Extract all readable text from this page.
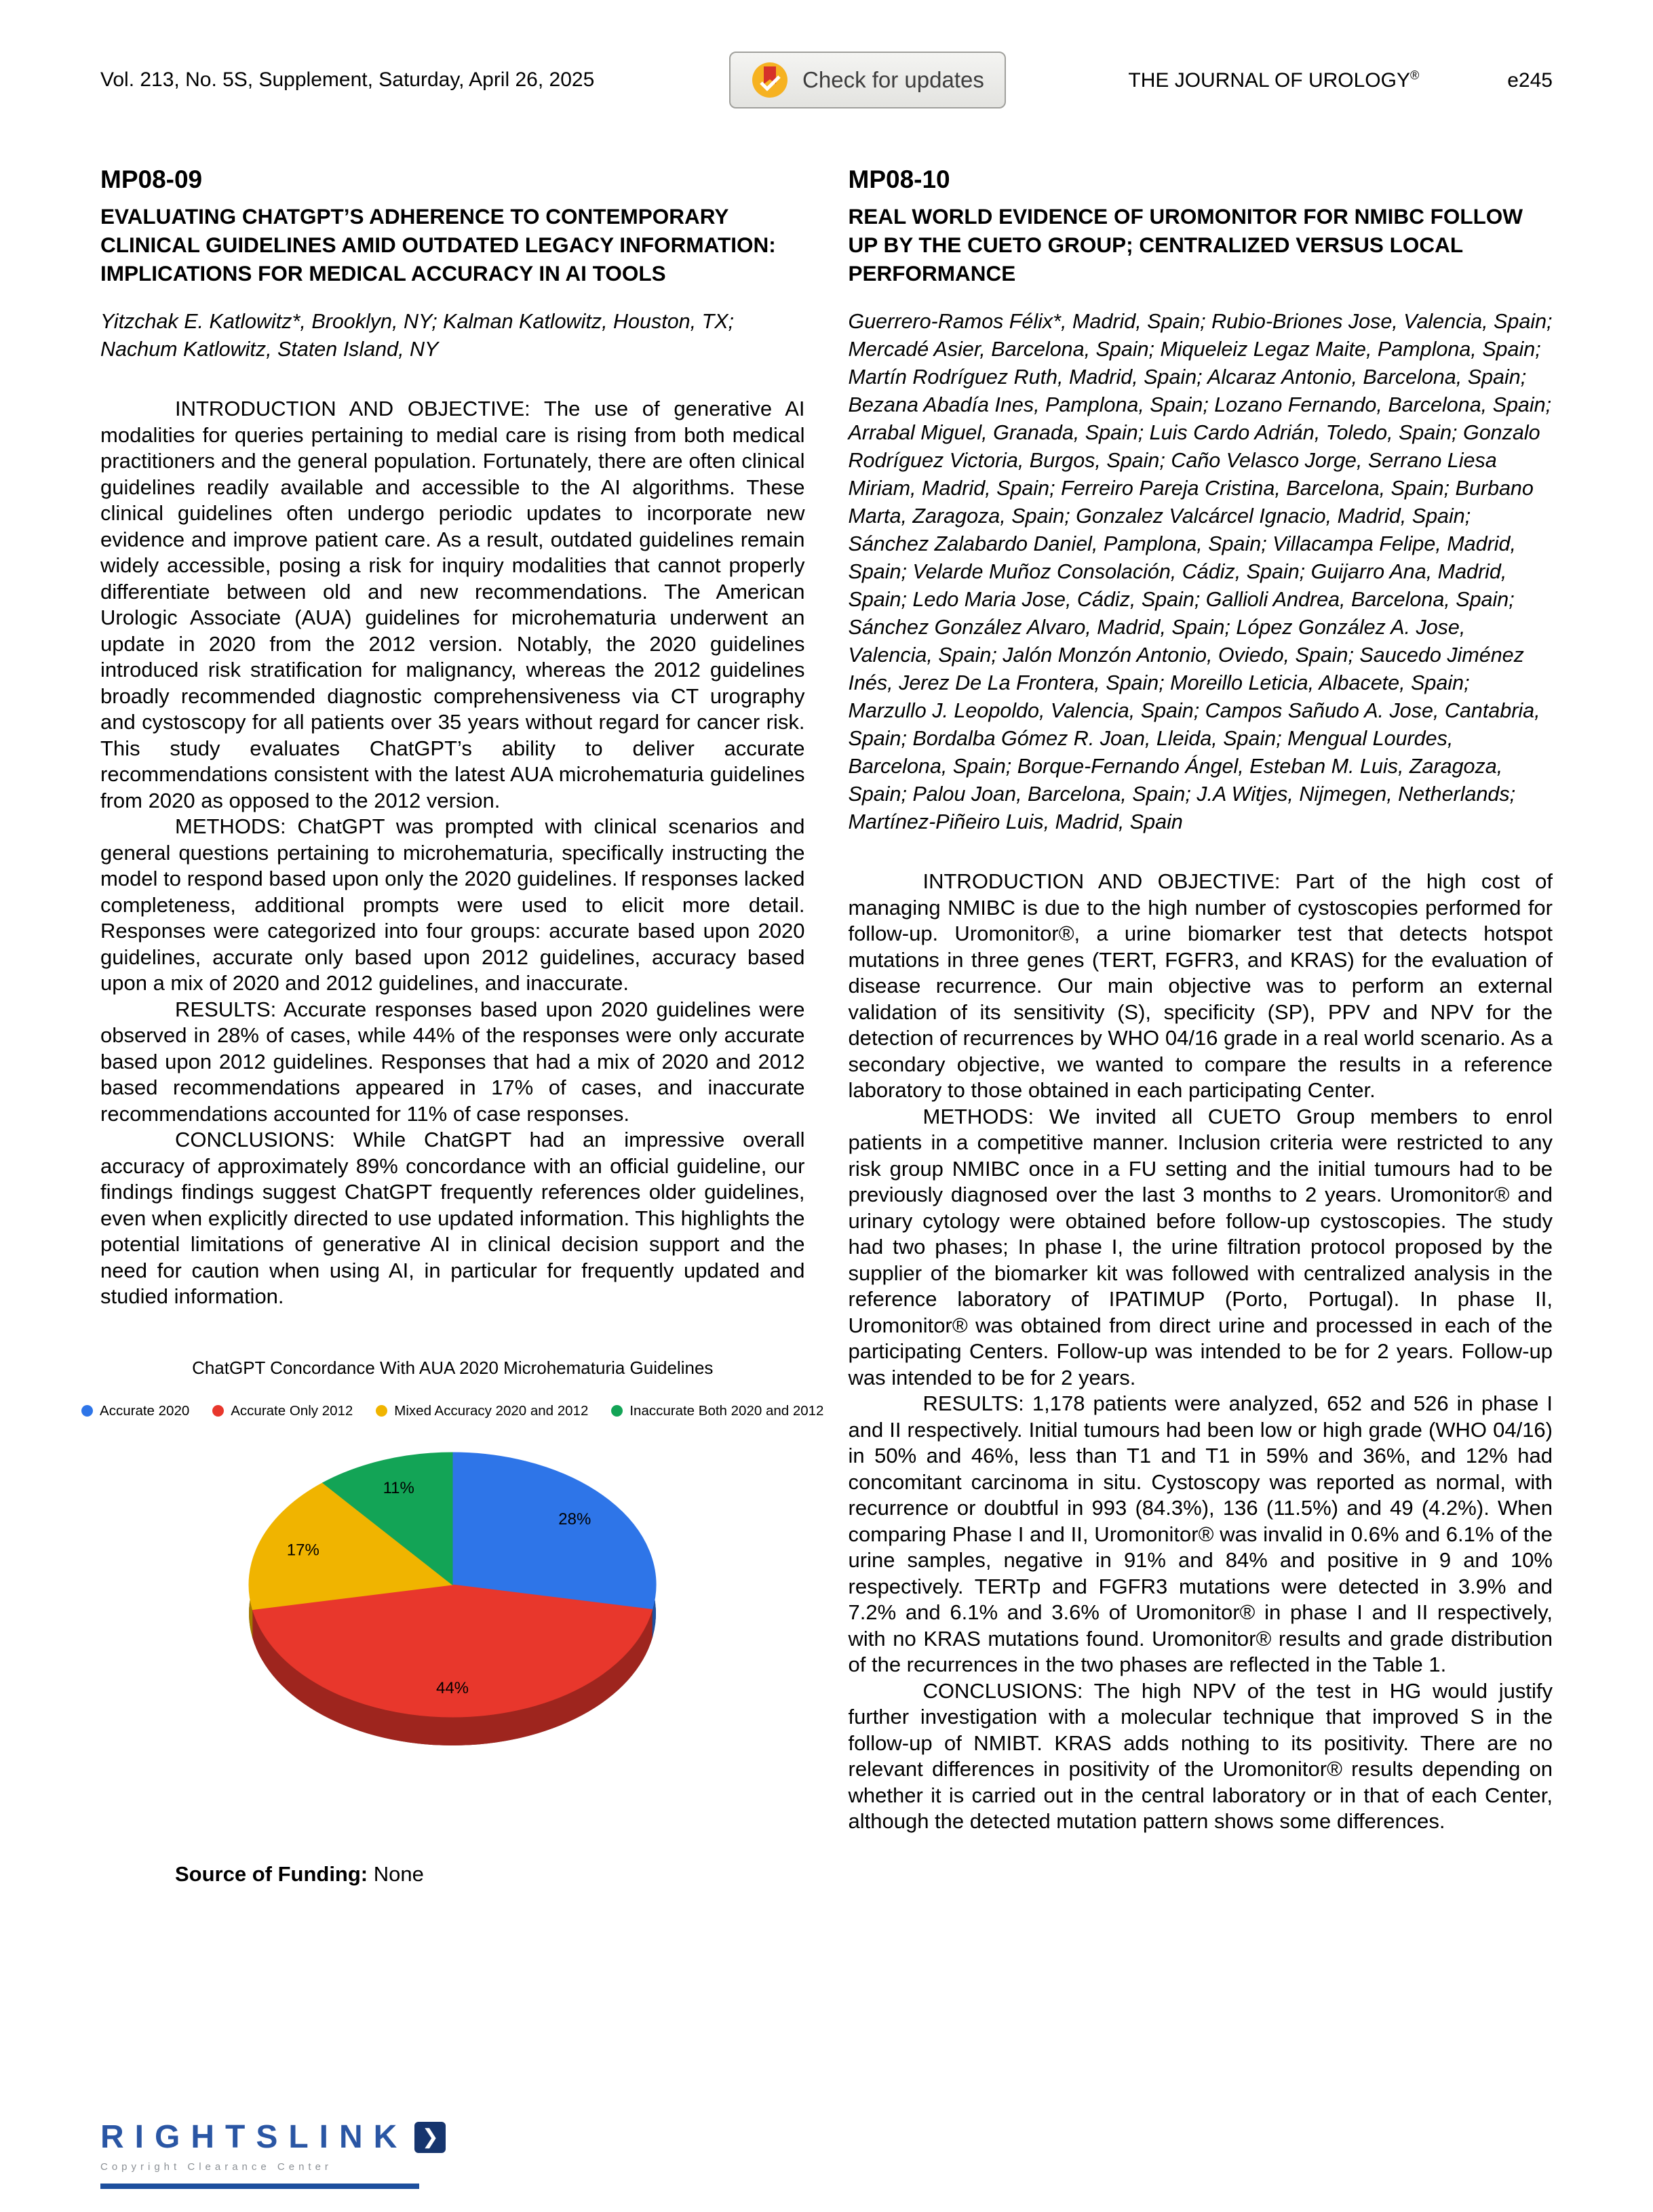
Vol. 213, No. 5S, Supplement, Saturday, April 26, 2025	Check for updates	THE JOURNAL OF UROLOGY®	e245
MP08-09
EVALUATING CHATGPT’S ADHERENCE TO CONTEMPORARY CLINICAL GUIDELINES AMID OUTDATED LEGACY INFORMATION: IMPLICATIONS FOR MEDICAL ACCURACY IN AI TOOLS

Yitzchak E. Katlowitz*, Brooklyn, NY; Kalman Katlowitz, Houston, TX; Nachum Katlowitz, Staten Island, NY

INTRODUCTION AND OBJECTIVE: The use of generative AI modalities for queries pertaining to medial care is rising from both medical practitioners and the general population. Fortunately, there are often clinical guidelines readily available and accessible to the AI algorithms. These clinical guidelines often undergo periodic updates to incorporate new evidence and improve patient care. As a result, outdated guidelines remain widely accessible, posing a risk for inquiry modalities that cannot properly differentiate between old and new recommendations. The American Urologic Associate (AUA) guidelines for microhematuria underwent an update in 2020 from the 2012 version. Notably, the 2020 guidelines introduced risk stratification for malignancy, whereas the 2012 guidelines broadly recommended diagnostic comprehensiveness via CT urography and cystoscopy for all patients over 35 years without regard for cancer risk. This study evaluates ChatGPT’s ability to deliver accurate recommendations consistent with the latest AUA microhematuria guidelines from 2020 as opposed to the 2012 version.

METHODS: ChatGPT was prompted with clinical scenarios and general questions pertaining to microhematuria, specifically instructing the model to respond based upon only the 2020 guidelines. If responses lacked completeness, additional prompts were used to elicit more detail. Responses were categorized into four groups: accurate based upon 2020 guidelines, accurate only based upon 2012 guidelines, accuracy based upon a mix of 2020 and 2012 guidelines, and inaccurate.

RESULTS: Accurate responses based upon 2020 guidelines were observed in 28% of cases, while 44% of the responses were only accurate based upon 2012 guidelines. Responses that had a mix of 2020 and 2012 based recommendations appeared in 17% of cases, and inaccurate recommendations accounted for 11% of case responses.

CONCLUSIONS: While ChatGPT had an impressive overall accuracy of approximately 89% concordance with an official guideline, our findings findings suggest ChatGPT frequently references older guidelines, even when explicitly directed to use updated information. This highlights the potential limitations of generative AI in clinical decision support and the need for caution when using AI, in particular for frequently updated and studied information.

ChatGPT Concordance With AUA 2020 Microhematuria Guidelines
Accurate 2020	Accurate Only 2012	Mixed Accuracy 2020 and 2012	Inaccurate Both 2020 and 2012
28%
44%
17%
11%

Source of Funding: None

MP08-10
REAL WORLD EVIDENCE OF UROMONITOR FOR NMIBC FOLLOW UP BY THE CUETO GROUP; CENTRALIZED VERSUS LOCAL PERFORMANCE

Guerrero-Ramos Félix*, Madrid, Spain; Rubio-Briones Jose, Valencia, Spain; Mercadé Asier, Barcelona, Spain; Miqueleiz Legaz Maite, Pamplona, Spain; Martín Rodríguez Ruth, Madrid, Spain; Alcaraz Antonio, Barcelona, Spain; Bezana Abadía Ines, Pamplona, Spain; Lozano Fernando, Barcelona, Spain; Arrabal Miguel, Granada, Spain; Luis Cardo Adrián, Toledo, Spain; Gonzalo Rodríguez Victoria, Burgos, Spain; Caño Velasco Jorge, Serrano Liesa Miriam, Madrid, Spain; Ferreiro Pareja Cristina, Barcelona, Spain; Burbano Marta, Zaragoza, Spain; Gonzalez Valcárcel Ignacio, Madrid, Spain; Sánchez Zalabardo Daniel, Pamplona, Spain; Villacampa Felipe, Madrid, Spain; Velarde Muñoz Consolación, Cádiz, Spain; Guijarro Ana, Madrid, Spain; Ledo Maria Jose, Cádiz, Spain; Gallioli Andrea, Barcelona, Spain; Sánchez González Alvaro, Madrid, Spain; López González A. Jose, Valencia, Spain; Jalón Monzón Antonio, Oviedo, Spain; Saucedo Jiménez Inés, Jerez De La Frontera, Spain; Moreillo Leticia, Albacete, Spain; Marzullo J. Leopoldo, Valencia, Spain; Campos Sañudo A. Jose, Cantabria, Spain; Bordalba Gómez R. Joan, Lleida, Spain; Mengual Lourdes, Barcelona, Spain; Borque-Fernando Ángel, Esteban M. Luis, Zaragoza, Spain; Palou Joan, Barcelona, Spain; J.A Witjes, Nijmegen, Netherlands; Martínez-Piñeiro Luis, Madrid, Spain

INTRODUCTION AND OBJECTIVE: Part of the high cost of managing NMIBC is due to the high number of cystoscopies performed for follow-up. Uromonitor®, a urine biomarker test that detects hotspot mutations in three genes (TERT, FGFR3, and KRAS) for the evaluation of disease recurrence. Our main objective was to perform an external validation of its sensitivity (S), specificity (SP), PPV and NPV for the detection of recurrences by WHO 04/16 grade in a real world scenario. As a secondary objective, we wanted to compare the results in a reference laboratory to those obtained in each participating Center.

METHODS: We invited all CUETO Group members to enrol patients in a competitive manner. Inclusion criteria were restricted to any risk group NMIBC once in a FU setting and the initial tumours had to be previously diagnosed over the last 3 months to 2 years. Uromonitor® and urinary cytology were obtained before follow-up cystoscopies. The study had two phases; In phase I, the urine filtration protocol proposed by the supplier of the biomarker kit was followed with centralized analysis in the reference laboratory of IPATIMUP (Porto, Portugal). In phase II, Uromonitor® was obtained from direct urine and processed in each of the participating Centers. Follow-up was intended to be for 2 years. Follow-up was intended to be for 2 years.

RESULTS: 1,178 patients were analyzed, 652 and 526 in phase I and II respectively. Initial tumours had been low or high grade (WHO 04/16) in 50% and 46%, less than T1 and T1 in 59% and 36%, and 12% had concomitant carcinoma in situ. Cystoscopy was reported as normal, with recurrence or doubtful in 993 (84.3%), 136 (11.5%) and 49 (4.2%). When comparing Phase I and II, Uromonitor® was invalid in 0.6% and 6.1% of the urine samples, negative in 91% and 84% and positive in 9 and 10% respectively. TERTp and FGFR3 mutations were detected in 3.9% and 7.2% and 6.1% and 3.6% of Uromonitor® in phase I and II respectively, with no KRAS mutations found. Uromonitor® results and grade distribution of the recurrences in the two phases are reflected in the Table 1.

CONCLUSIONS: The high NPV of the test in HG would justify further investigation with a molecular technique that improved S in the follow-up of NMIBT. KRAS adds nothing to its positivity. There are no relevant differences in positivity of the Uromonitor® results depending on whether it is carried out in the central laboratory or in that of each Center, although the detected mutation pattern shows some differences.

RIGHTSLINK ❯
Copyright Clearance Center
